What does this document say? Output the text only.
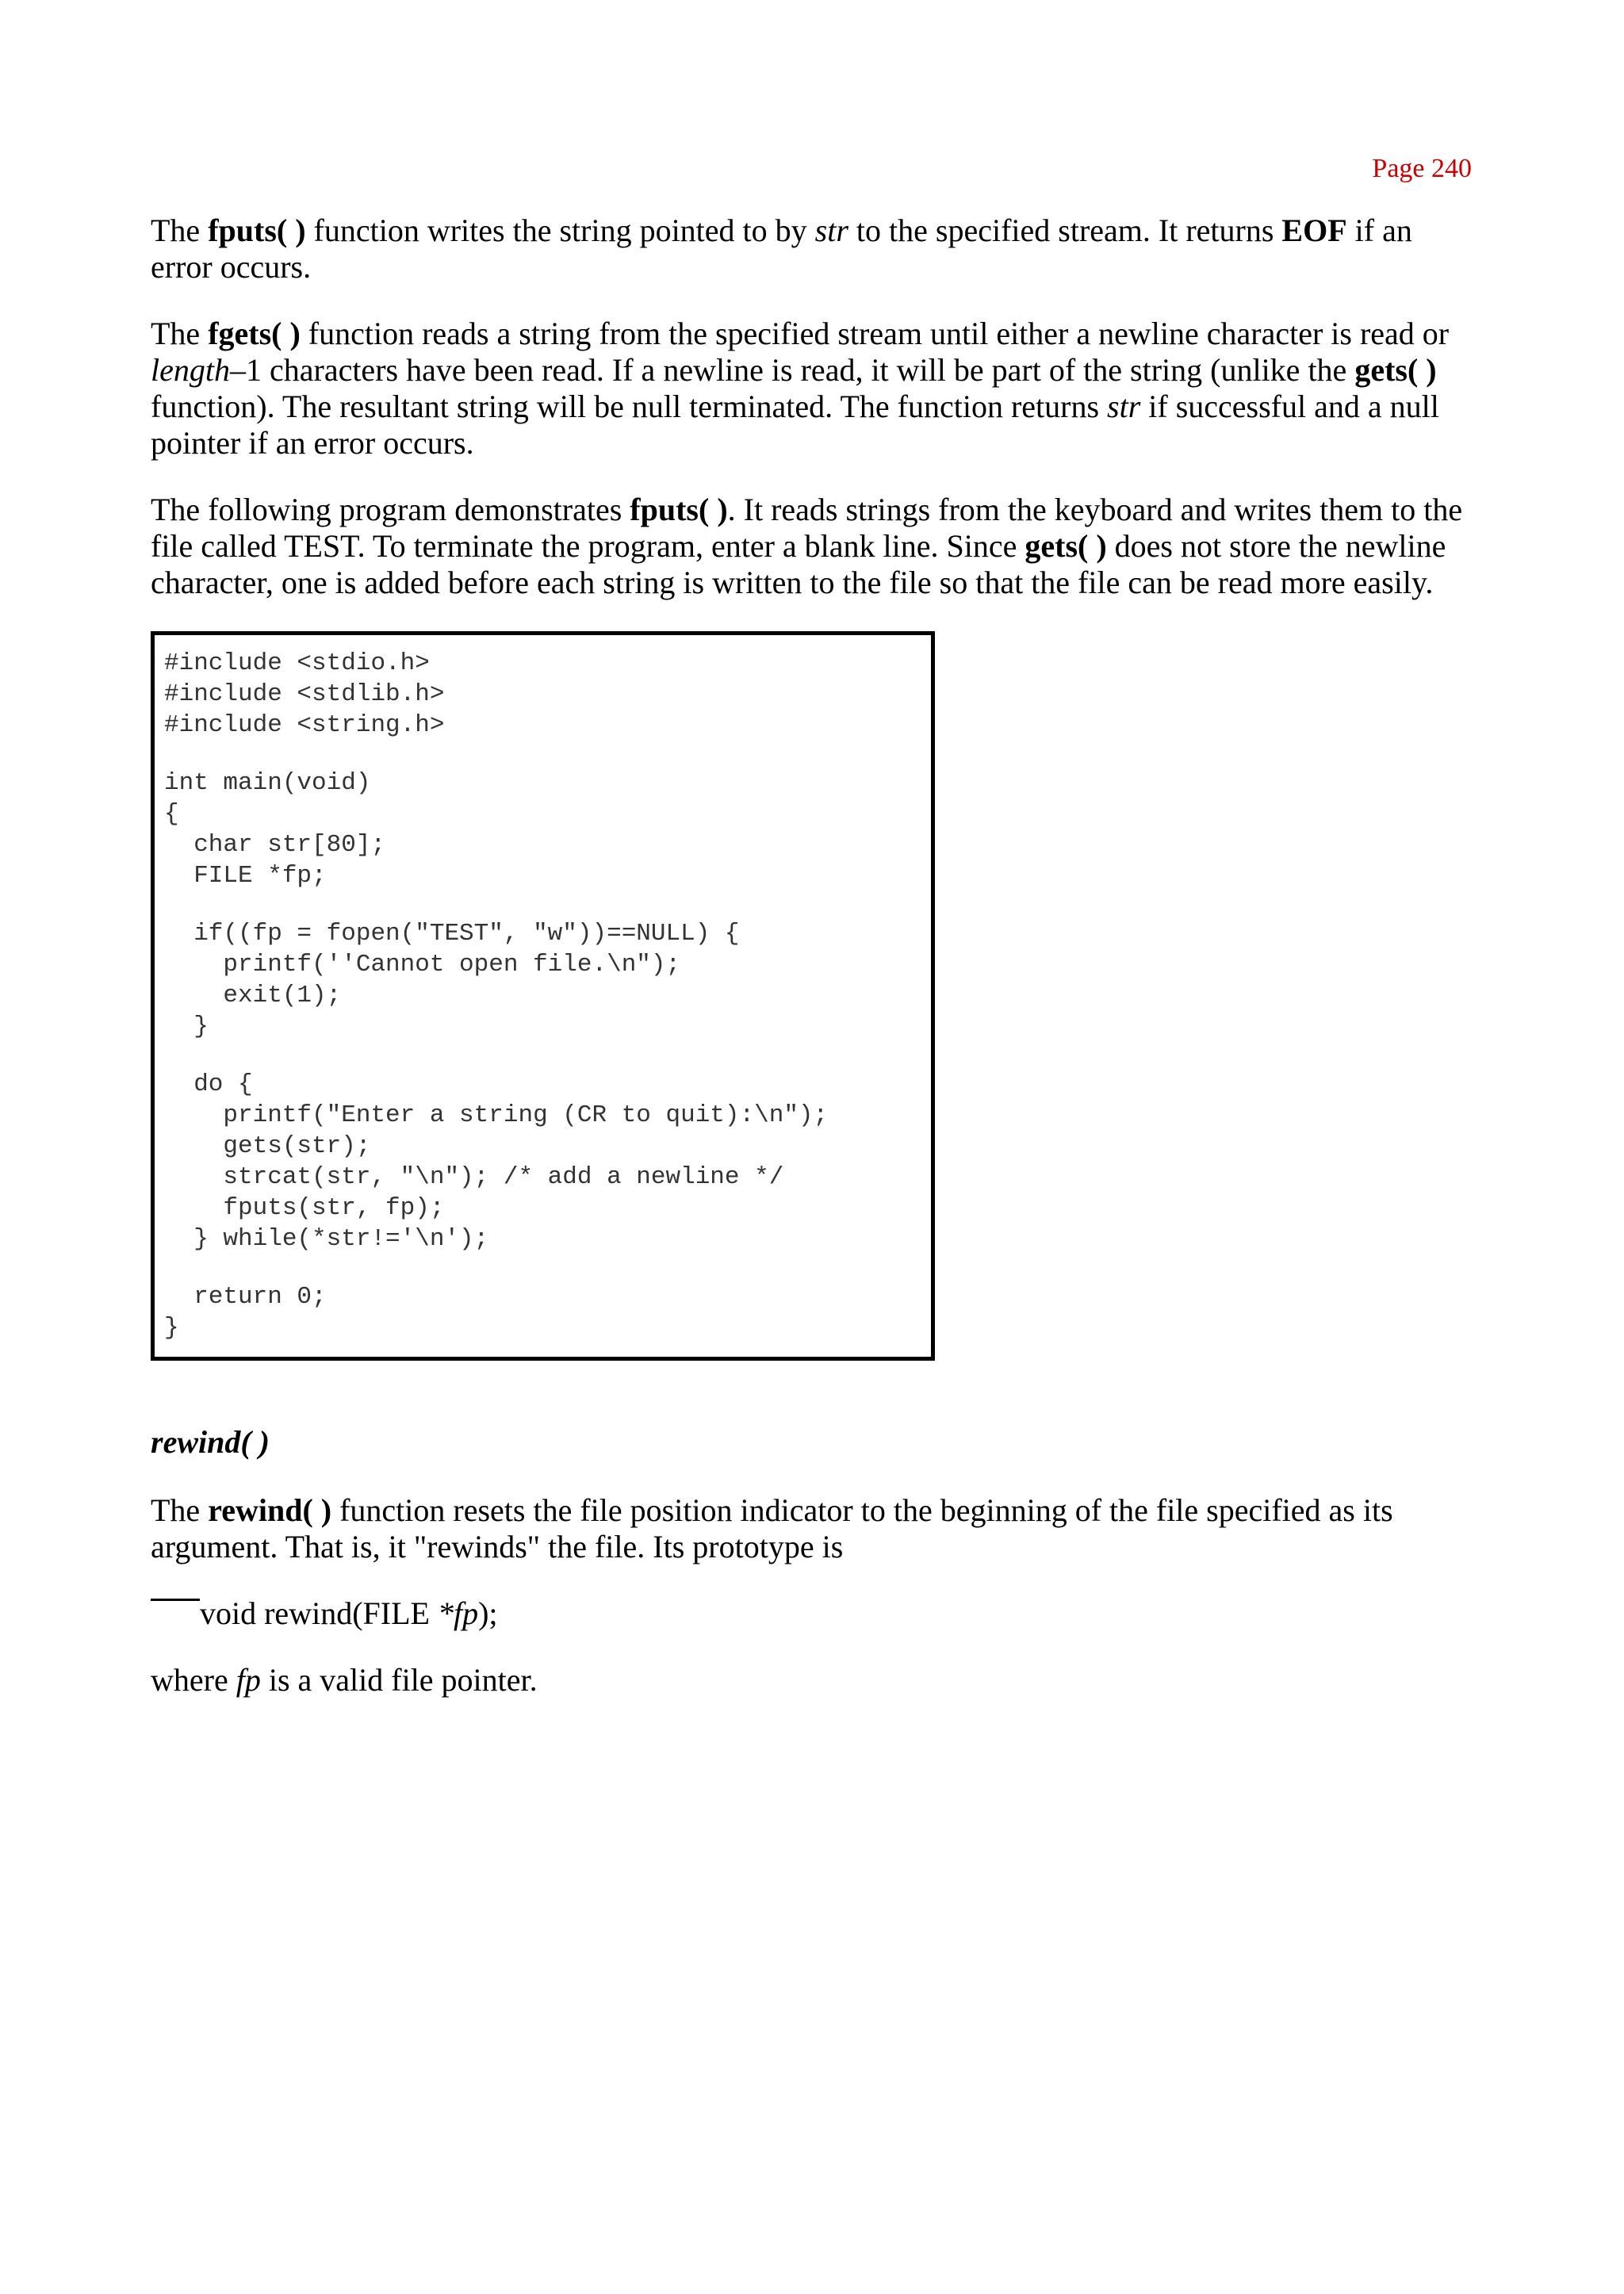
Page 240

The fputs( ) function writes the string pointed to by str to the specified stream. It returns EOF if an error occurs.

The fgets( ) function reads a string from the specified stream until either a newline character is read or length–1 characters have been read. If a newline is read, it will be part of the string (unlike the gets( ) function). The resultant string will be null terminated. The function returns str if successful and a null pointer if an error occurs.

The following program demonstrates fputs( ). It reads strings from the keyboard and writes them to the file called TEST. To terminate the program, enter a blank line. Since gets( ) does not store the newline character, one is added before each string is written to the file so that the file can be read more easily.

#include <stdio.h>
#include <stdlib.h>
#include <string.h>
int main(void)
{
char str[80];
FILE *fp;
if((fp = fopen("TEST", "w"))==NULL) {
printf(''Cannot open file.\n");
exit(1);
}
do {
printf("Enter a string (CR to quit):\n");
gets(str);
strcat(str, "\n"); /* add a newline */
fputs(str, fp);
} while(*str!='\n');
return 0;
}
rewind( )

The rewind( ) function resets the file position indicator to the beginning of the file specified as its argument. That is, it "rewinds" the file. Its prototype is

void rewind(FILE *fp);

where fp is a valid file pointer.
